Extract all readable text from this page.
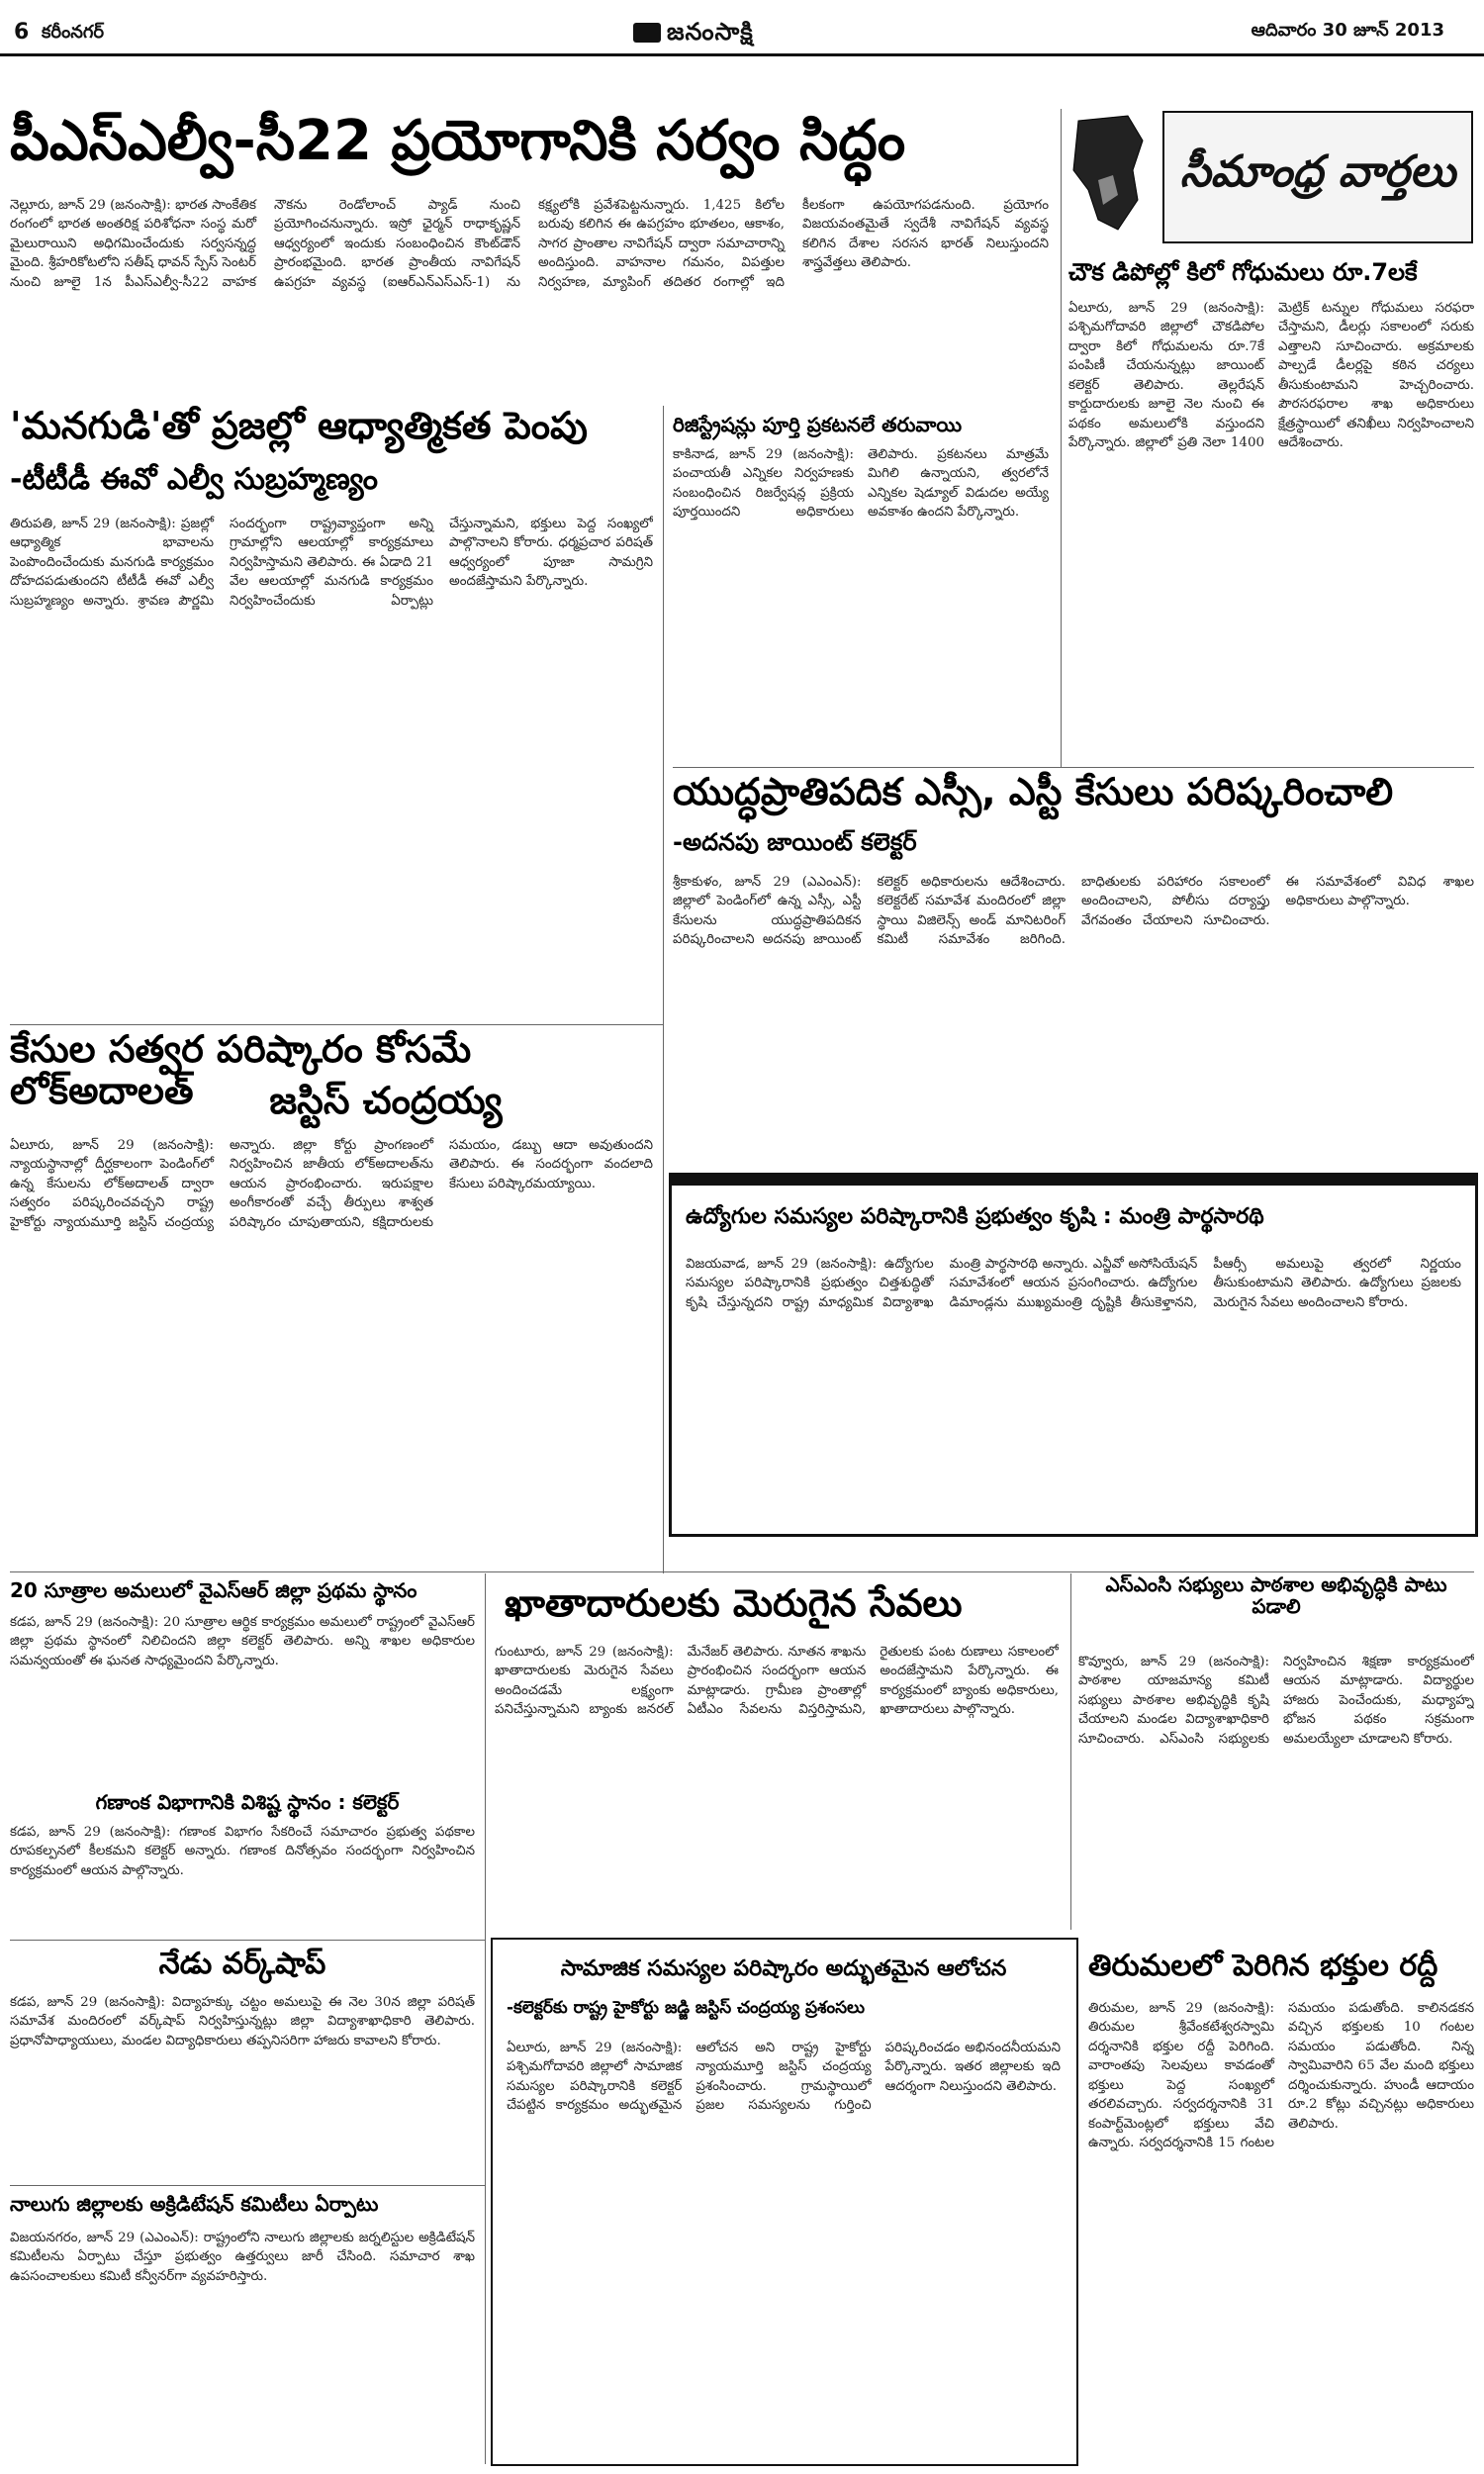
6 కరీంనగర్	జనంసాక్షి	ఆదివారం 30 జూన్ 2013
పీఎస్ఎల్వీ-సీ22 ప్రయోగానికి సర్వం సిద్ధం
నెల్లూరు, జూన్ 29 (జనంసాక్షి): భారత సాంకేతిక రంగంలో భారత అంతరిక్ష పరిశోధనా సంస్థ మరో మైలురాయిని అధిగమించేందుకు సర్వసన్నద్ధ మైంది. శ్రీహరికోటలోని సతీష్ ధావన్ స్పేస్ సెంటర్ నుంచి జూలై 1న పీఎస్ఎల్వీ-సీ22 వాహక నౌకను రెండోలాంచ్ ప్యాడ్ నుంచి ప్రయోగించనున్నారు. ఇస్రో ఛైర్మన్ రాధాకృష్ణన్ ఆధ్వర్యంలో ఇందుకు సంబంధించిన కౌంట్‌డౌన్ ప్రారంభమైంది. భారత ప్రాంతీయ నావిగేషన్ ఉపగ్రహ వ్యవస్థ (ఐఆర్ఎన్ఎస్ఎస్-1) ను కక్ష్యలోకి ప్రవేశపెట్టనున్నారు. 1,425 కిలోల బరువు కలిగిన ఈ ఉపగ్రహం భూతలం, ఆకాశం, సాగర ప్రాంతాల నావిగేషన్ ద్వారా సమాచారాన్ని అందిస్తుంది. వాహనాల గమనం, విపత్తుల నిర్వహణ, మ్యాపింగ్ తదితర రంగాల్లో ఇది కీలకంగా ఉపయోగపడనుంది. ప్రయోగం విజయవంతమైతే స్వదేశీ నావిగేషన్ వ్యవస్థ కలిగిన దేశాల సరసన భారత్ నిలుస్తుందని శాస్త్రవేత్తలు తెలిపారు.
సీమాంధ్ర వార్తలు
చౌక డిపోల్లో కిలో గోధుమలు రూ.7లకే
ఏలూరు, జూన్ 29 (జనంసాక్షి): పశ్చిమగోదావరి జిల్లాలో చౌకడిపోల ద్వారా కిలో గోధుమలను రూ.7కే పంపిణీ చేయనున్నట్లు జాయింట్ కలెక్టర్ తెలిపారు. తెల్లరేషన్ కార్డుదారులకు జూలై నెల నుంచి ఈ పథకం అమలులోకి వస్తుందని పేర్కొన్నారు. జిల్లాలో ప్రతి నెలా 1400 మెట్రిక్ టన్నుల గోధుమలు సరఫరా చేస్తామని, డీలర్లు సకాలంలో సరుకు ఎత్తాలని సూచించారు. అక్రమాలకు పాల్పడే డీలర్లపై కఠిన చర్యలు తీసుకుంటామని హెచ్చరించారు. పౌరసరఫరాల శాఖ అధికారులు క్షేత్రస్థాయిలో తనిఖీలు నిర్వహించాలని ఆదేశించారు.
రిజిస్ట్రేషన్లు పూర్తి ప్రకటనలే తరువాయి
కాకినాడ, జూన్ 29 (జనంసాక్షి): పంచాయతీ ఎన్నికల నిర్వహణకు సంబంధించిన రిజర్వేషన్ల ప్రక్రియ పూర్తయిందని అధికారులు తెలిపారు. ప్రకటనలు మాత్రమే మిగిలి ఉన్నాయని, త్వరలోనే ఎన్నికల షెడ్యూల్ విడుదల అయ్యే అవకాశం ఉందని పేర్కొన్నారు.
'మనగుడి'తో ప్రజల్లో ఆధ్యాత్మికత పెంపు
-టీటీడీ ఈవో ఎల్వీ సుబ్రహ్మణ్యం
తిరుపతి, జూన్ 29 (జనంసాక్షి): ప్రజల్లో ఆధ్యాత్మిక భావాలను పెంపొందించేందుకు మనగుడి కార్యక్రమం దోహదపడుతుందని టీటీడీ ఈవో ఎల్వీ సుబ్రహ్మణ్యం అన్నారు. శ్రావణ పౌర్ణమి సందర్భంగా రాష్ట్రవ్యాప్తంగా అన్ని గ్రామాల్లోని ఆలయాల్లో కార్యక్రమాలు నిర్వహిస్తామని తెలిపారు. ఈ ఏడాది 21 వేల ఆలయాల్లో మనగుడి కార్యక్రమం నిర్వహించేందుకు ఏర్పాట్లు చేస్తున్నామని, భక్తులు పెద్ద సంఖ్యలో పాల్గొనాలని కోరారు. ధర్మప్రచార పరిషత్ ఆధ్వర్యంలో పూజా సామగ్రిని అందజేస్తామని పేర్కొన్నారు.
యుద్ధప్రాతిపదిక ఎస్సీ, ఎస్టీ కేసులు పరిష్కరించాలి
-అదనపు జాయింట్ కలెక్టర్
శ్రీకాకుళం, జూన్ 29 (ఎఎంఎన్): జిల్లాలో పెండింగ్‌లో ఉన్న ఎస్సీ, ఎస్టీ కేసులను యుద్ధప్రాతిపదికన పరిష్కరించాలని అదనపు జాయింట్ కలెక్టర్ అధికారులను ఆదేశించారు. కలెక్టరేట్ సమావేశ మందిరంలో జిల్లా స్థాయి విజిలెన్స్ అండ్ మానిటరింగ్ కమిటీ సమావేశం జరిగింది. బాధితులకు పరిహారం సకాలంలో అందించాలని, పోలీసు దర్యాప్తు వేగవంతం చేయాలని సూచించారు. ఈ సమావేశంలో వివిధ శాఖల అధికారులు పాల్గొన్నారు.
కేసుల సత్వర పరిష్కారం కోసమే లోక్‌అదాలత్	జస్టిస్ చంద్రయ్య
ఏలూరు, జూన్ 29 (జనంసాక్షి): న్యాయస్థానాల్లో దీర్ఘకాలంగా పెండింగ్‌లో ఉన్న కేసులను లోక్‌అదాలత్ ద్వారా సత్వరం పరిష్కరించవచ్చని రాష్ట్ర హైకోర్టు న్యాయమూర్తి జస్టిస్ చంద్రయ్య అన్నారు. జిల్లా కోర్టు ప్రాంగణంలో నిర్వహించిన జాతీయ లోక్‌అదాలత్‌ను ఆయన ప్రారంభించారు. ఇరుపక్షాల అంగీకారంతో వచ్చే తీర్పులు శాశ్వత పరిష్కారం చూపుతాయని, కక్షిదారులకు సమయం, డబ్బు ఆదా అవుతుందని తెలిపారు. ఈ సందర్భంగా వందలాది కేసులు పరిష్కారమయ్యాయి.
ఉద్యోగుల సమస్యల పరిష్కారానికి ప్రభుత్వం కృషి : మంత్రి పార్థసారథి
విజయవాడ, జూన్ 29 (జనంసాక్షి): ఉద్యోగుల సమస్యల పరిష్కారానికి ప్రభుత్వం చిత్తశుద్ధితో కృషి చేస్తున్నదని రాష్ట్ర మాధ్యమిక విద్యాశాఖ మంత్రి పార్థసారథి అన్నారు. ఎన్జీవో అసోసియేషన్ సమావేశంలో ఆయన ప్రసంగించారు. ఉద్యోగుల డిమాండ్లను ముఖ్యమంత్రి దృష్టికి తీసుకెళ్తానని, పీఆర్సీ అమలుపై త్వరలో నిర్ణయం తీసుకుంటామని తెలిపారు. ఉద్యోగులు ప్రజలకు మెరుగైన సేవలు అందించాలని కోరారు.
20 సూత్రాల అమలులో వైఎస్ఆర్ జిల్లా ప్రథమ స్థానం
కడప, జూన్ 29 (జనంసాక్షి): 20 సూత్రాల ఆర్థిక కార్యక్రమం అమలులో రాష్ట్రంలో వైఎస్ఆర్ జిల్లా ప్రథమ స్థానంలో నిలిచిందని జిల్లా కలెక్టర్ తెలిపారు. అన్ని శాఖల అధికారుల సమన్వయంతో ఈ ఘనత సాధ్యమైందని పేర్కొన్నారు.
గణాంక విభాగానికి విశిష్ట స్థానం : కలెక్టర్
కడప, జూన్ 29 (జనంసాక్షి): గణాంక విభాగం సేకరించే సమాచారం ప్రభుత్వ పథకాల రూపకల్పనలో కీలకమని కలెక్టర్ అన్నారు. గణాంక దినోత్సవం సందర్భంగా నిర్వహించిన కార్యక్రమంలో ఆయన పాల్గొన్నారు.
నేడు వర్క్‌షాప్
కడప, జూన్ 29 (జనంసాక్షి): విద్యాహక్కు చట్టం అమలుపై ఈ నెల 30న జిల్లా పరిషత్ సమావేశ మందిరంలో వర్క్‌షాప్ నిర్వహిస్తున్నట్లు జిల్లా విద్యాశాఖాధికారి తెలిపారు. ప్రధానోపాధ్యాయులు, మండల విద్యాధికారులు తప్పనిసరిగా హాజరు కావాలని కోరారు.
నాలుగు జిల్లాలకు అక్రిడిటేషన్ కమిటీలు ఏర్పాటు
విజయనగరం, జూన్ 29 (ఎఎంఎన్): రాష్ట్రంలోని నాలుగు జిల్లాలకు జర్నలిస్టుల అక్రిడిటేషన్ కమిటీలను ఏర్పాటు చేస్తూ ప్రభుత్వం ఉత్తర్వులు జారీ చేసింది. సమాచార శాఖ ఉపసంచాలకులు కమిటీ కన్వీనర్‌గా వ్యవహరిస్తారు.
ఖాతాదారులకు మెరుగైన సేవలు
గుంటూరు, జూన్ 29 (జనంసాక్షి): ఖాతాదారులకు మెరుగైన సేవలు అందించడమే లక్ష్యంగా పనిచేస్తున్నామని బ్యాంకు జనరల్ మేనేజర్ తెలిపారు. నూతన శాఖను ప్రారంభించిన సందర్భంగా ఆయన మాట్లాడారు. గ్రామీణ ప్రాంతాల్లో ఏటీఎం సేవలను విస్తరిస్తామని, రైతులకు పంట రుణాలు సకాలంలో అందజేస్తామని పేర్కొన్నారు. ఈ కార్యక్రమంలో బ్యాంకు అధికారులు, ఖాతాదారులు పాల్గొన్నారు.
ఎస్ఎంసి సభ్యులు పాఠశాల అభివృద్ధికి పాటు పడాలి
కొవ్వూరు, జూన్ 29 (జనంసాక్షి): పాఠశాల యాజమాన్య కమిటీ సభ్యులు పాఠశాల అభివృద్ధికి కృషి చేయాలని మండల విద్యాశాఖాధికారి సూచించారు. ఎస్ఎంసి సభ్యులకు నిర్వహించిన శిక్షణా కార్యక్రమంలో ఆయన మాట్లాడారు. విద్యార్థుల హాజరు పెంచేందుకు, మధ్యాహ్న భోజన పథకం సక్రమంగా అమలయ్యేలా చూడాలని కోరారు.
సామాజిక సమస్యల పరిష్కారం అద్భుతమైన ఆలోచన
-కలెక్టర్‌కు రాష్ట్ర హైకోర్టు జడ్జి జస్టిస్ చంద్రయ్య ప్రశంసలు
ఏలూరు, జూన్ 29 (జనంసాక్షి): పశ్చిమగోదావరి జిల్లాలో సామాజిక సమస్యల పరిష్కారానికి కలెక్టర్ చేపట్టిన కార్యక్రమం అద్భుతమైన ఆలోచన అని రాష్ట్ర హైకోర్టు న్యాయమూర్తి జస్టిస్ చంద్రయ్య ప్రశంసించారు. గ్రామస్థాయిలో ప్రజల సమస్యలను గుర్తించి పరిష్కరించడం అభినందనీయమని పేర్కొన్నారు. ఇతర జిల్లాలకు ఇది ఆదర్శంగా నిలుస్తుందని తెలిపారు.
తిరుమలలో పెరిగిన భక్తుల రద్దీ
తిరుమల, జూన్ 29 (జనంసాక్షి): తిరుమల శ్రీవేంకటేశ్వరస్వామి దర్శనానికి భక్తుల రద్దీ పెరిగింది. వారాంతపు సెలవులు కావడంతో భక్తులు పెద్ద సంఖ్యలో తరలివచ్చారు. సర్వదర్శనానికి 31 కంపార్ట్‌మెంట్లలో భక్తులు వేచి ఉన్నారు. సర్వదర్శనానికి 15 గంటల సమయం పడుతోంది. కాలినడకన వచ్చిన భక్తులకు 10 గంటల సమయం పడుతోంది. నిన్న స్వామివారిని 65 వేల మంది భక్తులు దర్శించుకున్నారు. హుండీ ఆదాయం రూ.2 కోట్లు వచ్చినట్లు అధికారులు తెలిపారు.
